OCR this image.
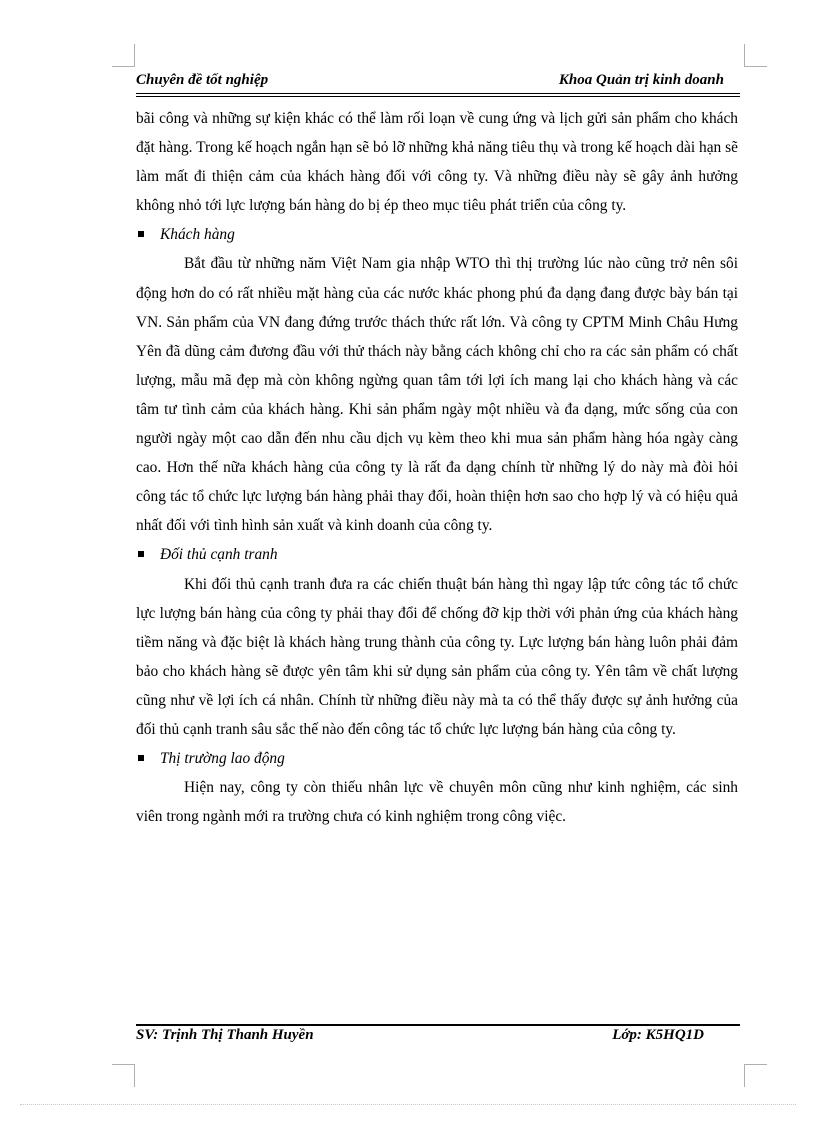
Chuyên đề tốt nghiệp	Khoa Quản trị kinh doanh

bãi công và những sự kiện khác có thể làm rối loạn về cung ứng và lịch gửi sản phẩm cho khách đặt hàng. Trong kế hoạch ngắn hạn sẽ bỏ lỡ những khả năng tiêu thụ và trong kế hoạch dài hạn sẽ làm mất đi thiện cảm của khách hàng đối với công ty. Và những điều này sẽ gây ảnh hưởng không nhỏ tới lực lượng bán hàng do bị ép theo mục tiêu phát triển của công ty.

Khách hàng

Bắt đầu từ những năm Việt Nam gia nhập WTO thì thị trường lúc nào cũng trở nên sôi động hơn do có rất nhiều mặt hàng của các nước khác phong phú đa dạng đang được bày bán tại VN. Sản phẩm của VN đang đứng trước thách thức rất lớn. Và công ty CPTM Minh Châu Hưng Yên đã dũng cảm đương đầu với thử thách này bằng cách không chỉ cho ra các sản phẩm có chất lượng, mẫu mã đẹp mà còn không ngừng quan tâm tới lợi ích mang lại cho khách hàng và các tâm tư tình cảm của khách hàng. Khi sản phẩm ngày một nhiều và đa dạng, mức sống của con người ngày một cao dẫn đến nhu cầu dịch vụ kèm theo khi mua sản phẩm hàng hóa ngày càng cao. Hơn thế nữa khách hàng của công ty là rất đa dạng chính từ những lý do này mà đòi hỏi công tác tổ chức lực lượng bán hàng phải thay đổi, hoàn thiện hơn sao cho hợp lý và có hiệu quả nhất đối với tình hình sản xuất và kinh doanh của công ty.

Đối thủ cạnh tranh

Khi đối thủ cạnh tranh đưa ra các chiến thuật bán hàng thì ngay lập tức công tác tổ chức lực lượng bán hàng của công ty phải thay đổi để chống đỡ kịp thời với phản ứng của khách hàng tiềm năng và đặc biệt là khách hàng trung thành của công ty. Lực lượng bán hàng luôn phải đảm bảo cho khách hàng sẽ được yên tâm khi sử dụng sản phẩm của công ty. Yên tâm về chất lượng cũng như về lợi ích cá nhân. Chính từ những điều này mà ta có thể thấy được sự ảnh hưởng của đối thủ cạnh tranh sâu sắc thế nào đến công tác tổ chức lực lượng bán hàng của công ty.

Thị trường lao động

Hiện nay, công ty còn thiếu nhân lực về chuyên môn cũng như kinh nghiệm, các sinh viên trong ngành mới ra trường chưa có kinh nghiệm trong công việc.

SV: Trịnh Thị Thanh Huyền	Lớp: K5HQ1D
